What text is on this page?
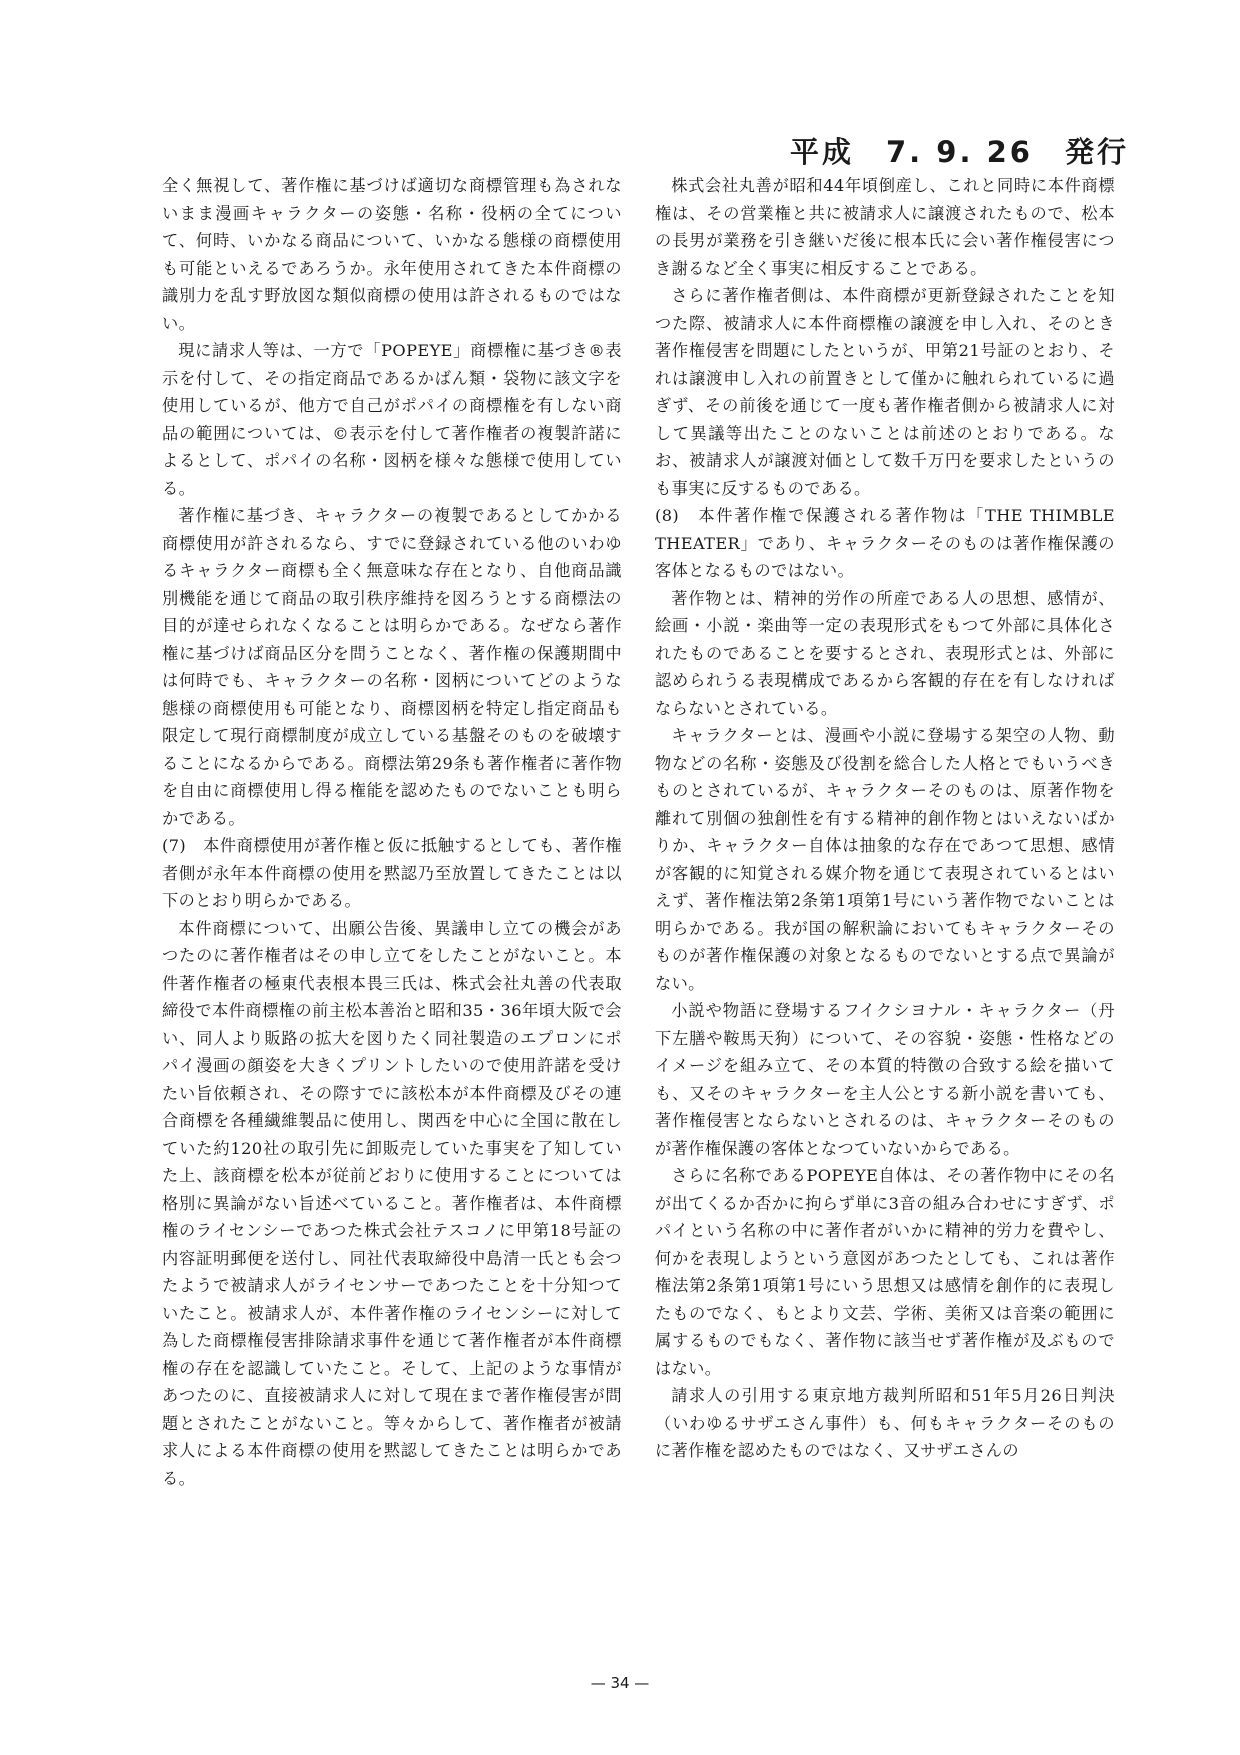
平成　7. 9. 26　発行

全く無視して、著作権に基づけば適切な商標管理も為されないまま漫画キャラクターの姿態・名称・役柄の全てについて、何時、いかなる商品について、いかなる態様の商標使用も可能といえるであろうか。永年使用されてきた本件商標の識別力を乱す野放図な類似商標の使用は許されるものではない。

現に請求人等は、一方で「POPEYE」商標権に基づき®表示を付して、その指定商品であるかばん類・袋物に該文字を使用しているが、他方で自己がポパイの商標権を有しない商品の範囲については、©表示を付して著作権者の複製許諾によるとして、ポパイの名称・図柄を様々な態様で使用している。

著作権に基づき、キャラクターの複製であるとしてかかる商標使用が許されるなら、すでに登録されている他のいわゆるキャラクター商標も全く無意味な存在となり、自他商品識別機能を通じて商品の取引秩序維持を図ろうとする商標法の目的が達せられなくなることは明らかである。なぜなら著作権に基づけば商品区分を問うことなく、著作権の保護期間中は何時でも、キャラクターの名称・図柄についてどのような態様の商標使用も可能となり、商標図柄を特定し指定商品も限定して現行商標制度が成立している基盤そのものを破壊することになるからである。商標法第29条も著作権者に著作物を自由に商標使用し得る権能を認めたものでないことも明らかである。

(7)　本件商標使用が著作権と仮に抵触するとしても、著作権者側が永年本件商標の使用を黙認乃至放置してきたことは以下のとおり明らかである。

本件商標について、出願公告後、異議申し立ての機会があつたのに著作権者はその申し立てをしたことがないこと。本件著作権者の極東代表根本畏三氏は、株式会社丸善の代表取締役で本件商標権の前主松本善治と昭和35・36年頃大阪で会い、同人より販路の拡大を図りたく同社製造のエプロンにポパイ漫画の顔姿を大きくプリントしたいので使用許諾を受けたい旨依頼され、その際すでに該松本が本件商標及びその連合商標を各種繊維製品に使用し、関西を中心に全国に散在していた約120社の取引先に卸販売していた事実を了知していた上、該商標を松本が従前どおりに使用することについては格別に異論がない旨述べていること。著作権者は、本件商標権のライセンシーであつた株式会社テスコノに甲第18号証の内容証明郵便を送付し、同社代表取締役中島清一氏とも会つたようで被請求人がライセンサーであつたことを十分知つていたこと。被請求人が、本件著作権のライセンシーに対して為した商標権侵害排除請求事件を通じて著作権者が本件商標権の存在を認識していたこと。そして、上記のような事情があつたのに、直接被請求人に対して現在まで著作権侵害が問題とされたことがないこと。等々からして、著作権者が被請求人による本件商標の使用を黙認してきたことは明らかである。

株式会社丸善が昭和44年頃倒産し、これと同時に本件商標権は、その営業権と共に被請求人に譲渡されたもので、松本の長男が業務を引き継いだ後に根本氏に会い著作権侵害につき謝るなど全く事実に相反することである。

さらに著作権者側は、本件商標が更新登録されたことを知つた際、被請求人に本件商標権の譲渡を申し入れ、そのとき著作権侵害を問題にしたというが、甲第21号証のとおり、それは譲渡申し入れの前置きとして僅かに触れられているに過ぎず、その前後を通じて一度も著作権者側から被請求人に対して異議等出たことのないことは前述のとおりである。なお、被請求人が譲渡対価として数千万円を要求したというのも事実に反するものである。

(8)　本件著作権で保護される著作物は「THE THIMBLE THEATER」であり、キャラクターそのものは著作権保護の客体となるものではない。

著作物とは、精神的労作の所産である人の思想、感情が、絵画・小説・楽曲等一定の表現形式をもつて外部に具体化されたものであることを要するとされ、表現形式とは、外部に認められうる表現構成であるから客観的存在を有しなければならないとされている。

キャラクターとは、漫画や小説に登場する架空の人物、動物などの名称・姿態及び役割を総合した人格とでもいうべきものとされているが、キャラクターそのものは、原著作物を離れて別個の独創性を有する精神的創作物とはいえないばかりか、キャラクター自体は抽象的な存在であつて思想、感情が客観的に知覚される媒介物を通じて表現されているとはいえず、著作権法第2条第1項第1号にいう著作物でないことは明らかである。我が国の解釈論においてもキャラクターそのものが著作権保護の対象となるものでないとする点で異論がない。

小説や物語に登場するフイクシヨナル・キャラクター（丹下左膳や鞍馬天狗）について、その容貌・姿態・性格などのイメージを組み立て、その本質的特徴の合致する絵を描いても、又そのキャラクターを主人公とする新小説を書いても、著作権侵害とならないとされるのは、キャラクターそのものが著作権保護の客体となつていないからである。

さらに名称であるPOPEYE自体は、その著作物中にその名が出てくるか否かに拘らず単に3音の組み合わせにすぎず、ポパイという名称の中に著作者がいかに精神的労力を費やし、何かを表現しようという意図があつたとしても、これは著作権法第2条第1項第1号にいう思想又は感情を創作的に表現したものでなく、もとより文芸、学術、美術又は音楽の範囲に属するものでもなく、著作物に該当せず著作権が及ぶものではない。

請求人の引用する東京地方裁判所昭和51年5月26日判決（いわゆるサザエさん事件）も、何もキャラクターそのものに著作権を認めたものではなく、又サザエさんの

— 34 —
